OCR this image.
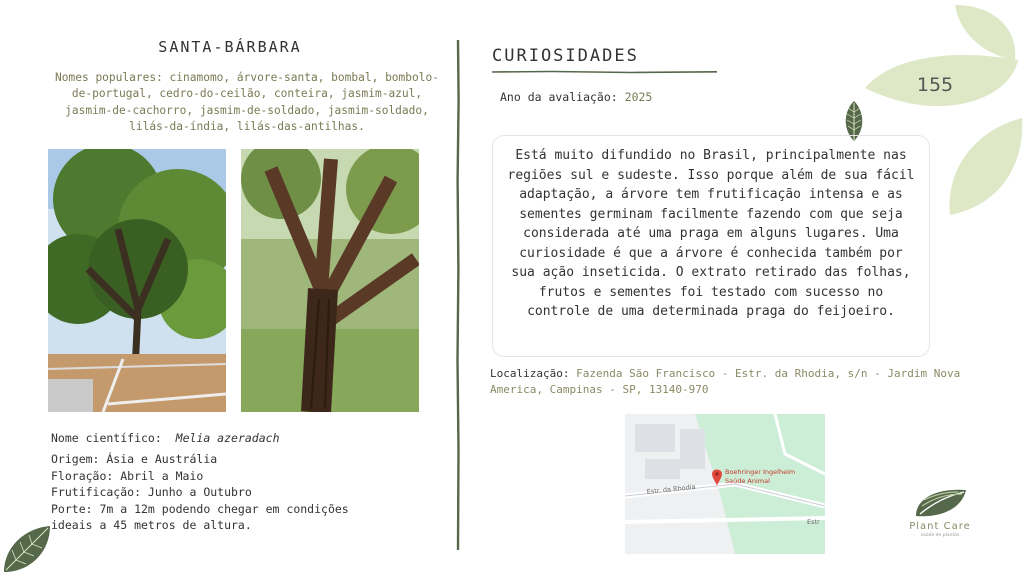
SANTA-BÁRBARA
Nomes populares: cinamomo, árvore-santa, bombal, bombolo-de-portugal, cedro-do-ceilão, conteira, jasmim-azul, jasmim-de-cachorro, jasmim-de-soldado, jasmim-soldado, lilás-da-índia, lilás-das-antilhas.
Nome científico: Melia azeradach
Origem: Ásia e Austrália
Floração: Abril a Maio
Frutificação: Junho a Outubro
Porte: 7m a 12m podendo chegar em condições ideais a 45 metros de altura.
CURIOSIDADES
Ano da avaliação: 2025
155
Está muito difundido no Brasil, principalmente nas regiões sul e sudeste. Isso porque além de sua fácil adaptação, a árvore tem frutificação intensa e as sementes germinam facilmente fazendo com que seja considerada até uma praga em alguns lugares. Uma curiosidade é que a árvore é conhecida também por sua ação inseticida. O extrato retirado das folhas, frutos e sementes foi testado com sucesso no controle de uma determinada praga do feijoeiro.
Localização: Fazenda São Francisco - Estr. da Rhodia, s/n - Jardim Nova America, Campinas - SP, 13140-970
Boehringer Ingelheim
Saúde Animal
Estr. da Rhodia
Estr	Plant Care
saúde de plantas
